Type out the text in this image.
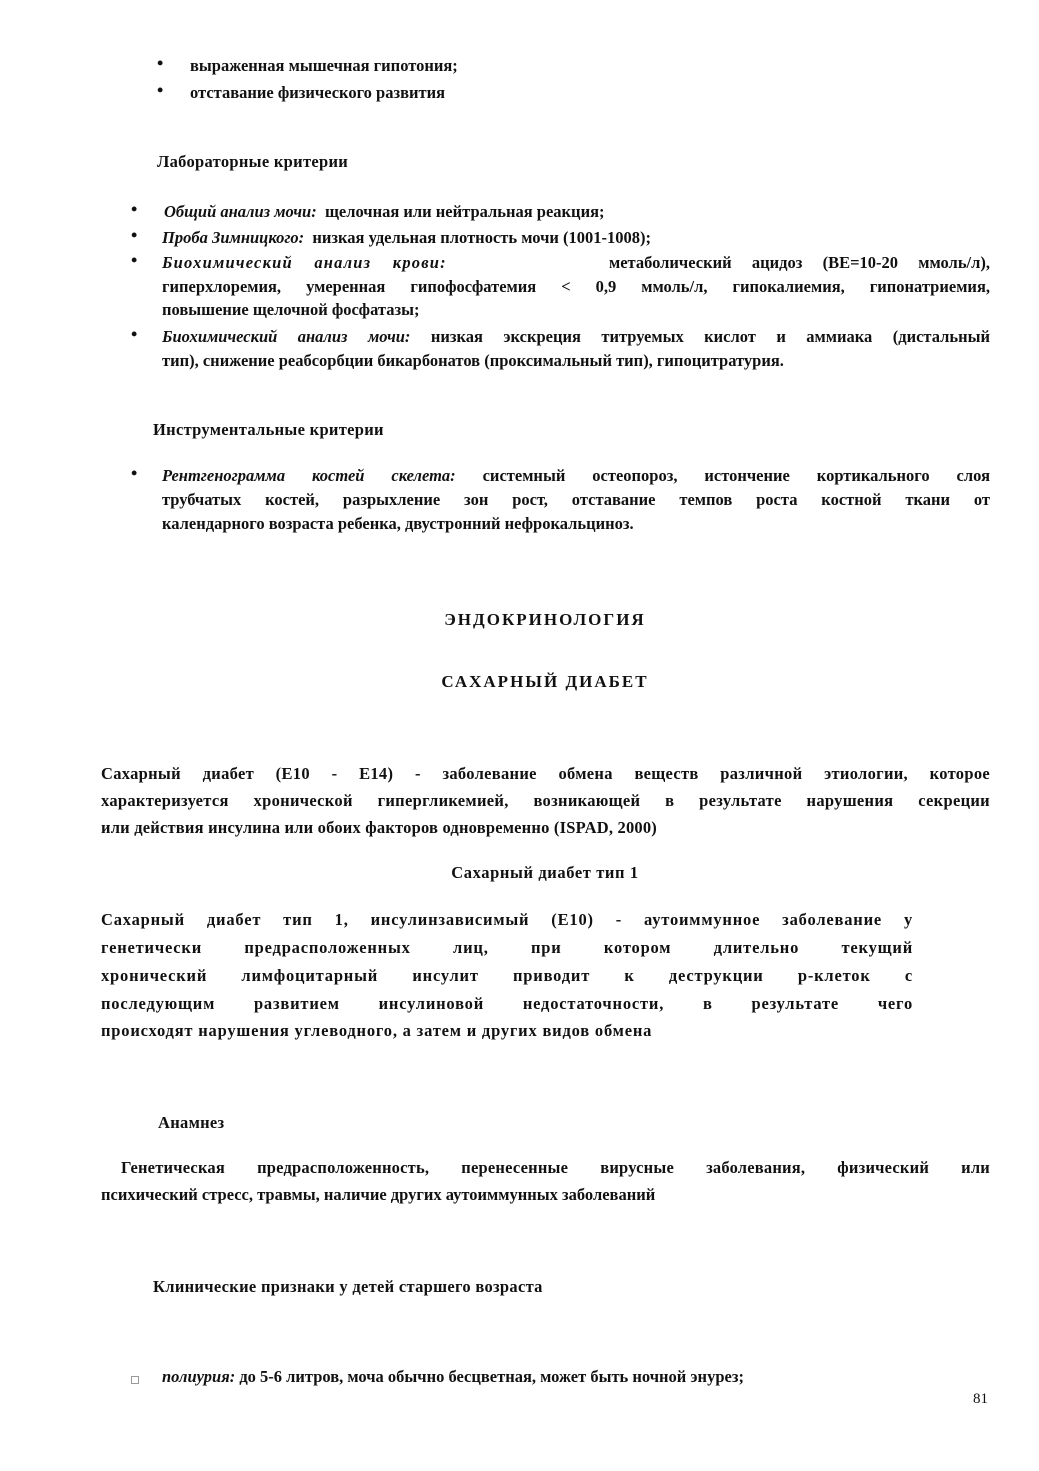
• выраженная мышечная гипотония;
• отставание физического развития
Лабораторные критерии
• Общий анализ мочи: щелочная или нейтральная реакция;
• Проба Зимницкого: низкая удельная плотность мочи (1001-1008);
• Биохимический анализ крови:	метаболический ацидоз (ВЕ=10-20 ммоль/л),
гиперхлоремия, умеренная гипофосфатемия < 0,9 ммоль/л, гипокалиемия, гипонатриемия,
повышение щелочной фосфатазы;
• Биохимический анализ мочи: низкая экскреция титруемых кислот и аммиака (дистальный
тип), снижение реабсорбции бикарбонатов (проксимальный тип), гипоцитратурия.
Инструментальные критерии
• Рентгенограмма костей скелета: системный остеопороз, истончение кортикального слоя
трубчатых костей, разрыхление зон рост, отставание темпов роста костной ткани от
календарного возраста ребенка, двустронний нефрокальциноз.
ЭНДОКРИНОЛОГИЯ
САХАРНЫЙ ДИАБЕТ
Сахарный диабет (Е10 - Е14) - заболевание обмена веществ различной этиологии, которое
характеризуется хронической гипергликемией, возникающей в результате нарушения секреции
или действия инсулина или обоих факторов одновременно (ISPAD, 2000)
Сахарный диабет тип 1
Сахарный диабет тип 1, инсулинзависимый (Е10) - аутоиммунное заболевание у
генетически предрасположенных лиц, при котором длительно текущий
хронический лимфоцитарный инсулит приводит к деструкции р-клеток с
последующим развитием инсулиновой недостаточности, в результате чего
происходят нарушения углеводного, а затем и других видов обмена
Анамнез
Генетическая предрасположенность, перенесенные вирусные заболевания, физический или
психический стресс, травмы, наличие других аутоиммунных заболеваний
Клинические признаки у детей старшего возраста
полиурия: до 5-6 литров, моча обычно бесцветная, может быть ночной энурез;
81
